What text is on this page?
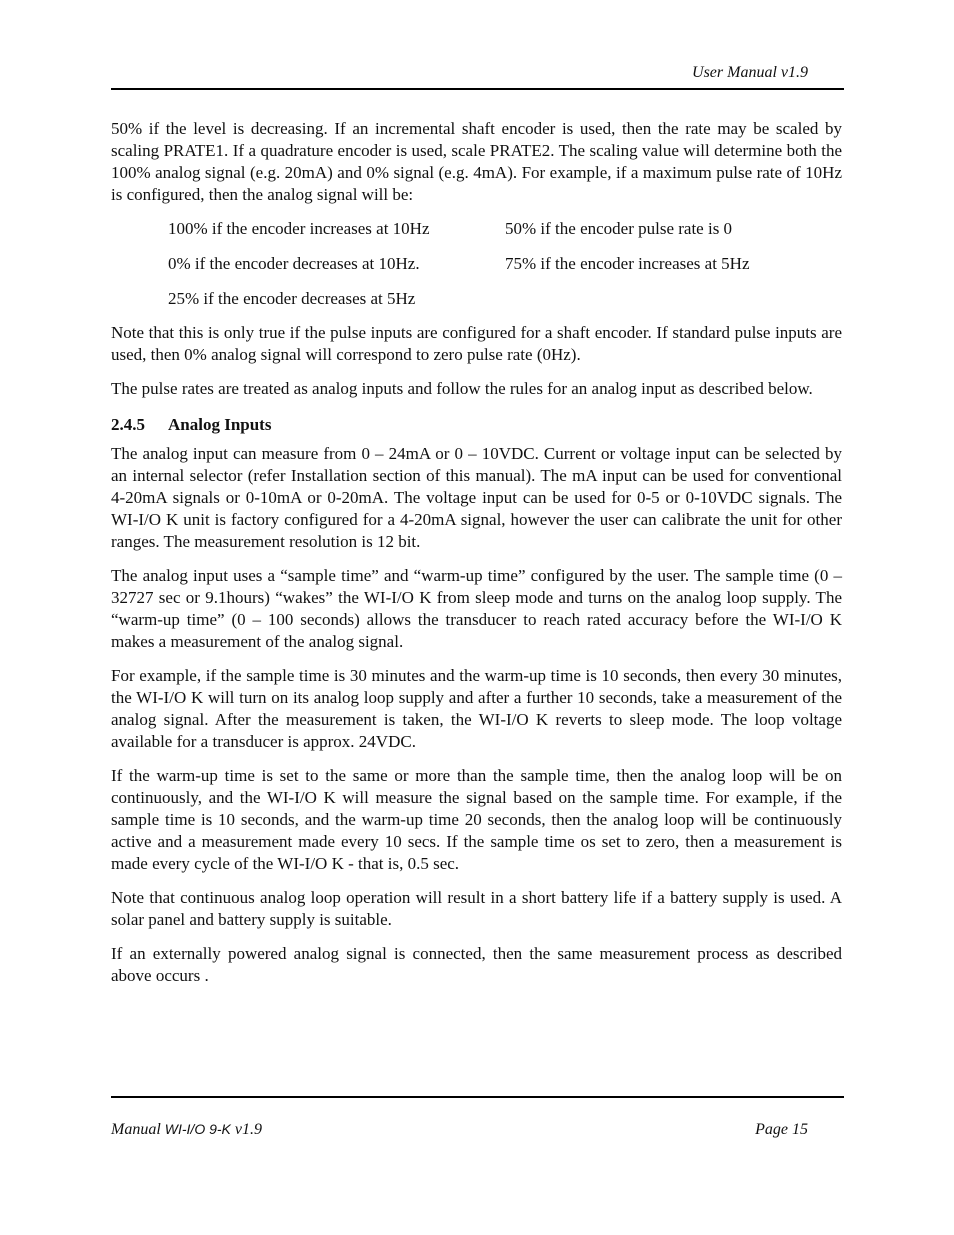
User Manual v1.9

50% if the level is decreasing. If an incremental shaft encoder is used, then the rate may be scaled by scaling PRATE1. If a quadrature encoder is used, scale PRATE2. The scaling value will determine both the 100% analog signal (e.g. 20mA) and 0% signal (e.g. 4mA). For example, if a maximum pulse rate of 10Hz is configured, then the analog signal will be:

100% if the encoder increases at 10Hz	50% if the encoder pulse rate is 0
0% if the encoder decreases at 10Hz.	75% if the encoder increases at 5Hz
25% if the encoder decreases at 5Hz

Note that this is only true if the pulse inputs are configured for a shaft encoder. If standard pulse inputs are used, then 0% analog signal will correspond to zero pulse rate (0Hz).

The pulse rates are treated as analog inputs and follow the rules for an analog input as described below.

2.4.5 Analog Inputs

The analog input can measure from 0 – 24mA or 0 – 10VDC. Current or voltage input can be selected by an internal selector (refer Installation section of this manual). The mA input can be used for conventional 4-20mA signals or 0-10mA or 0-20mA. The voltage input can be used for 0-5 or 0-10VDC signals. The WI-I/O K unit is factory configured for a 4-20mA signal, however the user can calibrate the unit for other ranges. The measurement resolution is 12 bit.

The analog input uses a “sample time” and “warm-up time” configured by the user. The sample time (0 – 32727 sec or 9.1hours) “wakes” the WI-I/O K from sleep mode and turns on the analog loop supply. The “warm-up time” (0 – 100 seconds) allows the transducer to reach rated accuracy before the WI-I/O K makes a measurement of the analog signal.

For example, if the sample time is 30 minutes and the warm-up time is 10 seconds, then every 30 minutes, the WI-I/O K will turn on its analog loop supply and after a further 10 seconds, take a measurement of the analog signal. After the measurement is taken, the WI-I/O K reverts to sleep mode. The loop voltage available for a transducer is approx. 24VDC.

If the warm-up time is set to the same or more than the sample time, then the analog loop will be on continuously, and the WI-I/O K will measure the signal based on the sample time. For example, if the sample time is 10 seconds, and the warm-up time 20 seconds, then the analog loop will be continuously active and a measurement made every 10 secs. If the sample time os set to zero, then a measurement is made every cycle of the WI-I/O K - that is, 0.5 sec.

Note that continuous analog loop operation will result in a short battery life if a battery supply is used. A solar panel and battery supply is suitable.

If an externally powered analog signal is connected, then the same measurement process as described above occurs .

Manual WI-I/O 9-K v1.9	Page 15
